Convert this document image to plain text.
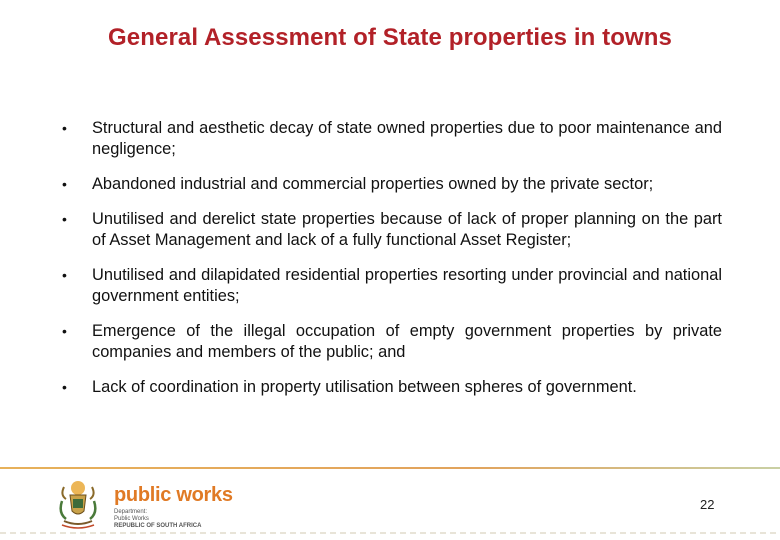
General Assessment of State properties in towns
•	Structural and aesthetic decay of state owned properties due to poor maintenance and negligence;
•	Abandoned industrial and commercial properties owned by the private sector;
•	Unutilised and derelict state properties because of lack of proper planning on the part of Asset Management and lack of a fully functional Asset Register;
•	Unutilised and dilapidated residential properties resorting under provincial and national government entities;
•	Emergence of the illegal occupation of empty government properties by private companies and members of the public; and
•	Lack of coordination in property utilisation between spheres of government.
public works
Department:
Public Works
REPUBLIC OF SOUTH AFRICA
22
